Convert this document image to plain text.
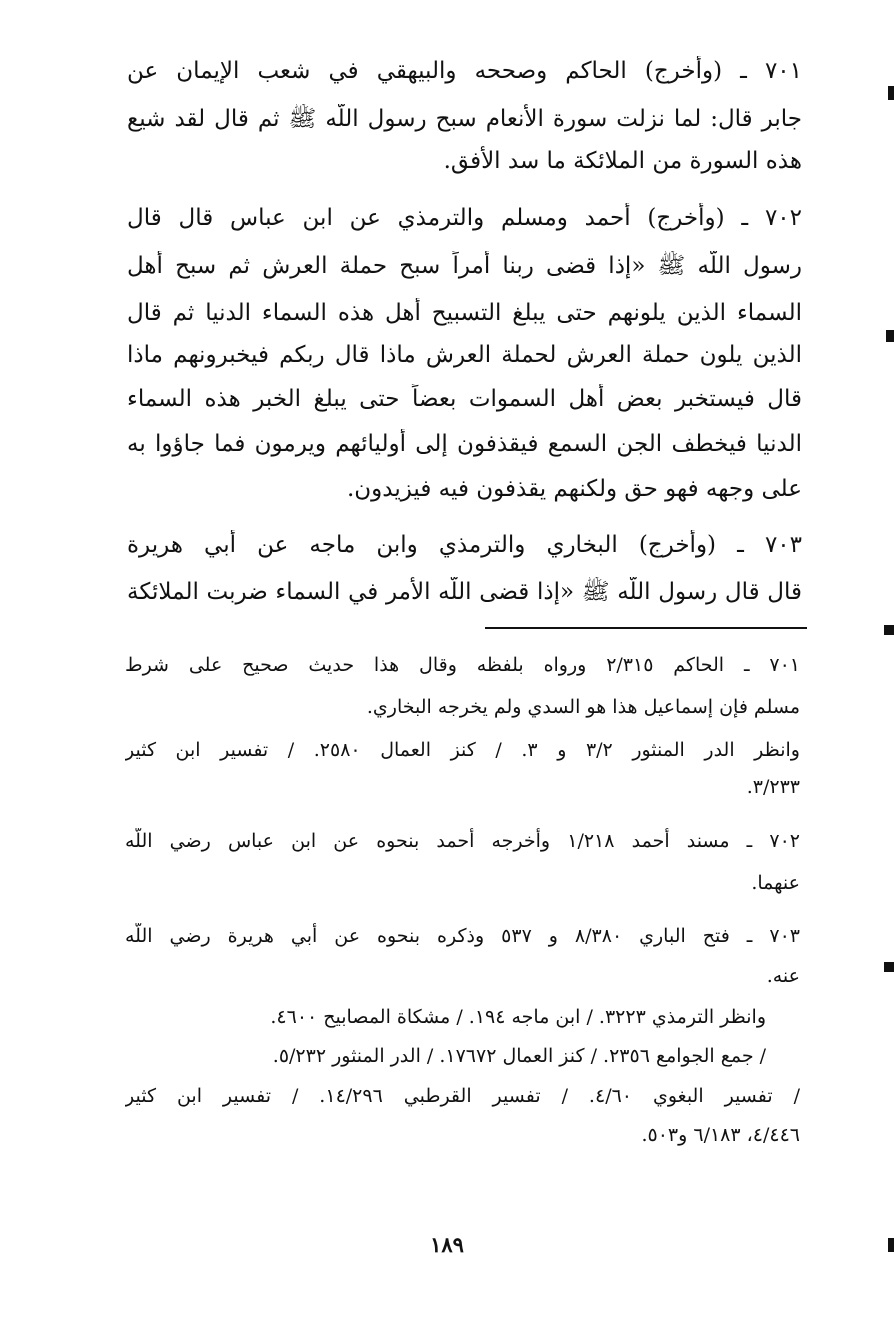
٧٠١ ـ (وأخرج) الحاكم وصححه والبيهقي في شعب الإيمان عن
جابر قال: لما نزلت سورة الأنعام سبح رسول اللَّه ﷺ ثم قال لقد شيع
هذه السورة من الملائكة ما سد الأفق.
٧٠٢ ـ (وأخرج) أحمد ومسلم والترمذي عن ابن عباس قال قال
رسول اللَّه ﷺ «إذا قضى ربنا أمراً سبح حملة العرش ثم سبح أهل
السماء الذين يلونهم حتى يبلغ التسبيح أهل هذه السماء الدنيا ثم قال
الذين يلون حملة العرش لحملة العرش ماذا قال ربكم فيخبرونهم ماذا
قال فيستخبر بعض أهل السموات بعضاً حتى يبلغ الخبر هذه السماء
الدنيا فيخطف الجن السمع فيقذفون إلى أوليائهم ويرمون فما جاؤوا به
على وجهه فهو حق ولكنهم يقذفون فيه فيزيدون.
٧٠٣ ـ (وأخرج) البخاري والترمذي وابن ماجه عن أبي هريرة
قال قال رسول اللَّه ﷺ «إذا قضى اللَّه الأمر في السماء ضربت الملائكة
٧٠١ ـ الحاكم ٢/٣١٥ ورواه بلفظه وقال هذا حديث صحيح على شرط
مسلم فإن إسماعيل هذا هو السدي ولم يخرجه البخاري.
وانظر الدر المنثور ٣/٢ و ٣. / كنز العمال ٢٥٨٠. / تفسير ابن كثير
٣/٢٣٣.
٧٠٢ ـ مسند أحمد ١/٢١٨ وأخرجه أحمد بنحوه عن ابن عباس رضي اللَّه
عنهما.
٧٠٣ ـ فتح الباري ٨/٣٨٠ و ٥٣٧ وذكره بنحوه عن أبي هريرة رضي اللَّه
عنه.
وانظر الترمذي ٣٢٢٣. / ابن ماجه ١٩٤. / مشكاة المصابيح ٤٦٠٠.
/ جمع الجوامع ٢٣٥٦. / كنز العمال ١٧٦٧٢. / الدر المنثور ٥/٢٣٢.
/ تفسير البغوي ٤/٦٠. / تفسير القرطبي ١٤/٢٩٦. / تفسير ابن كثير
٤/٤٤٦، ٦/١٨٣ و٥٠٣.
١٨٩
